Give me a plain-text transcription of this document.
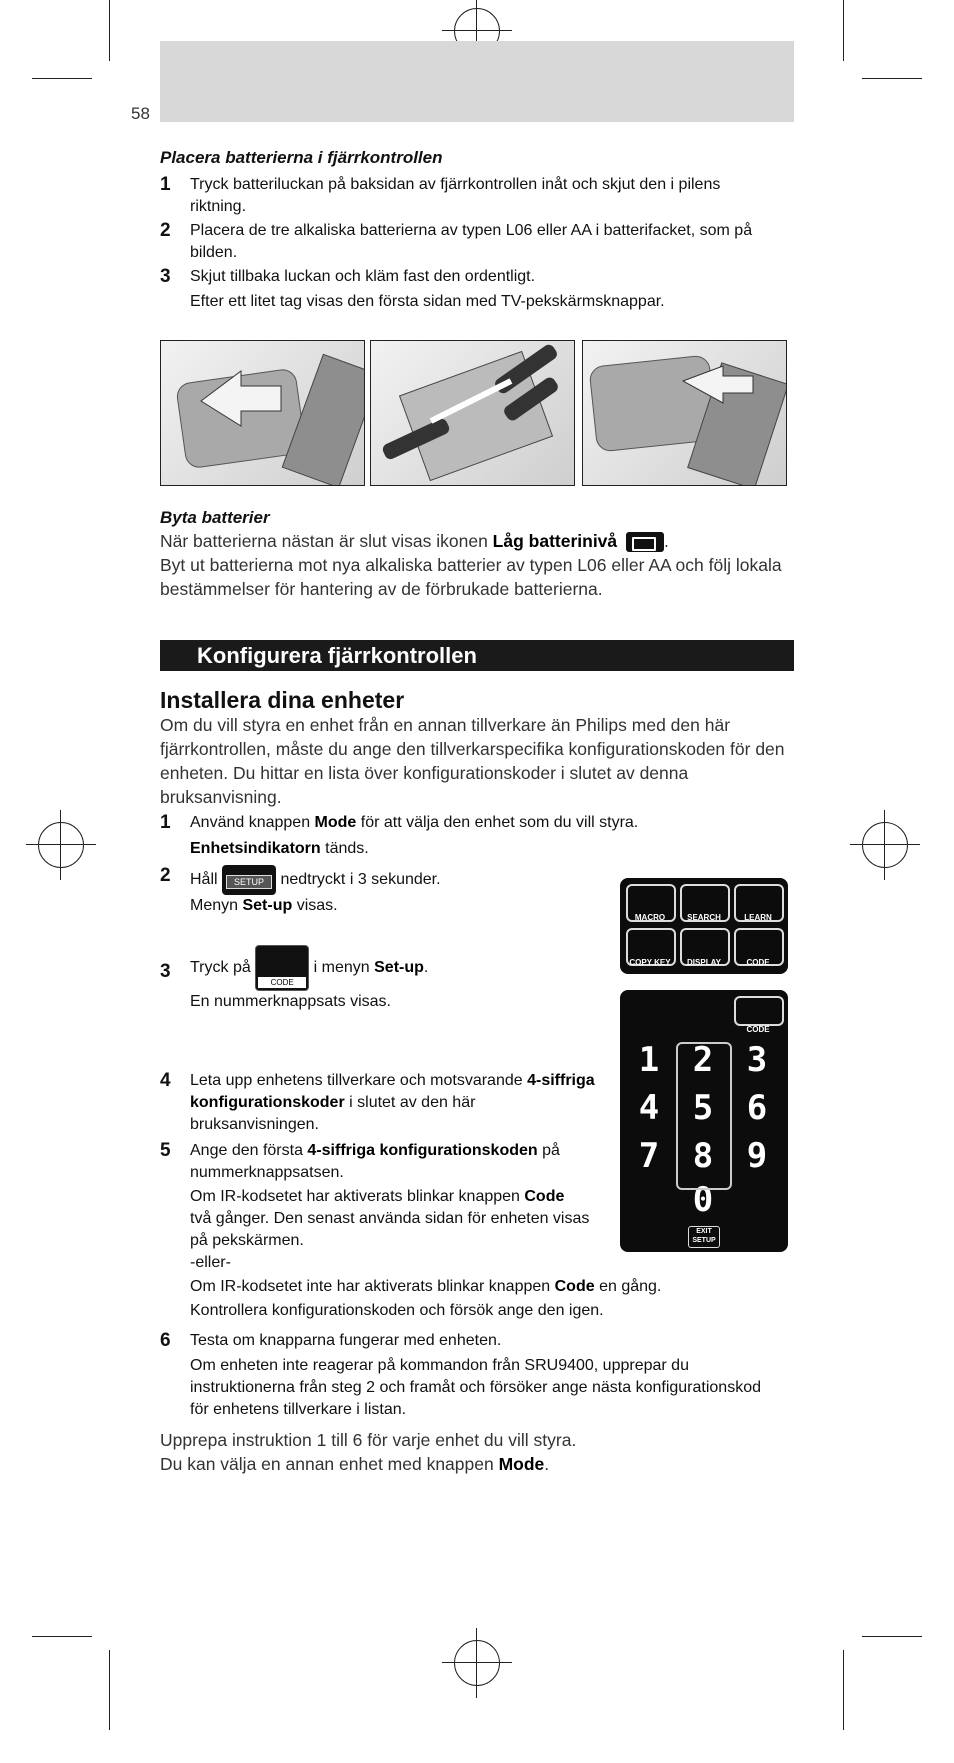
58
Placera batterierna i fjärrkontrollen
1	Tryck batteriluckan på baksidan av fjärrkontrollen inåt och skjut den i pilens riktning.
2	Placera de tre alkaliska batterierna av typen L06 eller AA i batterifacket, som på bilden.
3	Skjut tillbaka luckan och kläm fast den ordentligt.
Efter ett litet tag visas den första sidan med TV-pekskärmsknappar.
Byta batterier
När batterierna nästan är slut visas ikonen Låg batterinivå	.
Byt ut batterierna mot nya alkaliska batterier av typen L06 eller AA och följ lokala bestämmelser för hantering av de förbrukade batterierna.
Konfigurera fjärrkontrollen
Installera dina enheter
Om du vill styra en enhet från en annan tillverkare än Philips med den här fjärrkontrollen, måste du ange den tillverkarspecifika konfigurationskoden för den enheten. Du hittar en lista över konfigurationskoder i slutet av denna bruksanvisning.
1	Använd knappen Mode för att välja den enhet som du vill styra.
Enhetsindikatorn tänds.
2	Håll	SETUP nedtryckt i 3 sekunder.
Menyn Set-up visas.
3	Tryck på
CODE
i menyn Set-up.
En nummerknappsats visas.
4	Leta upp enhetens tillverkare och motsvarande 4-siffriga konfigurationskoder i slutet av den här bruksanvisningen.
5	Ange den första 4-siffriga konfigurationskoden på nummerknappsatsen.
Om IR-kodsetet har aktiverats blinkar knappen Code två gånger. Den senast använda sidan för enheten visas på pekskärmen.
-eller-
Om IR-kodsetet inte har aktiverats blinkar knappen Code en gång.
Kontrollera konfigurationskoden och försök ange den igen.
6	Testa om knapparna fungerar med enheten.
Om enheten inte reagerar på kommandon från SRU9400, upprepar du instruktionerna från steg 2 och framåt och försöker ange nästa konfigurationskod för enhetens tillverkare i listan.
Upprepa instruktion 1 till 6 för varje enhet du vill styra.
Du kan välja en annan enhet med knappen Mode.
MACRO	SEARCH	LEARN
COPY KEY	DISPLAY	CODE
CODE
1 2 3
4 5 6
7 8 9
0
EXIT
SETUP
